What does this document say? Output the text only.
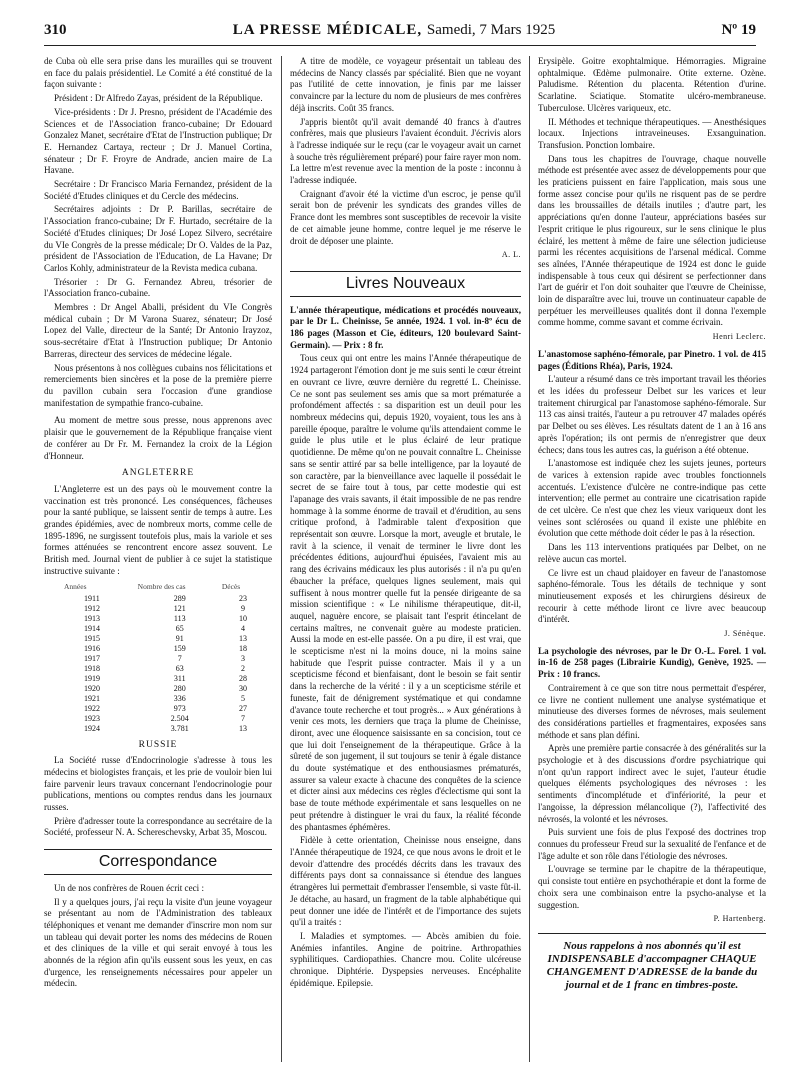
310	LA PRESSE MÉDICALE, Samedi, 7 Mars 1925	Nº 19

de Cuba où elle sera prise dans les murailles qui se trouvent en face du palais présidentiel. Le Comité a été constitué de la façon suivante :

Président : Dr Alfredo Zayas, président de la République.

Vice-présidents : Dr J. Presno, président de l'Académie des Sciences et de l'Association franco-cubaine; Dr Edouard Gonzalez Manet, secrétaire d'Etat de l'Instruction publique; Dr E. Hernandez Cartaya, recteur ; Dr J. Manuel Cortina, sénateur ; Dr F. Froyre de Andrade, ancien maire de La Havane.

Secrétaire : Dr Francisco Maria Fernandez, président de la Société d'Etudes cliniques et du Cercle des médecins.

Secrétaires adjoints : Dr P. Barillas, secrétaire de l'Association franco-cubaine; Dr F. Hurtado, secrétaire de la Société d'Etudes cliniques; Dr José Lopez Silvero, secrétaire du VIe Congrès de la presse médicale; Dr O. Valdes de la Paz, président de l'Association de l'Education, de La Havane; Dr Carlos Kohly, administrateur de la Revista medica cubana.

Trésorier : Dr G. Fernandez Abreu, trésorier de l'Association franco-cubaine.

Membres : Dr Angel Aballi, président du VIe Congrès médical cubain ; Dr M Varona Suarez, sénateur; Dr José Lopez del Valle, directeur de la Santé; Dr Antonio Irayzoz, sous-secrétaire d'Etat à l'Instruction publique; Dr Antonio Barreras, directeur des services de médecine légale.

Nous présentons à nos collègues cubains nos félicitations et remerciements bien sincères et la pose de la première pierre du pavillon cubain sera l'occasion d'une grandiose manifestation de sympathie franco-cubaine.

Au moment de mettre sous presse, nous apprenons avec plaisir que le gouvernement de la République française vient de conférer au Dr Fr. M. Fernandez la croix de la Légion d'Honneur.

ANGLETERRE

L'Angleterre est un des pays où le mouvement contre la vaccination est très prononcé. Les conséquences, fâcheuses pour la santé publique, se laissent sentir de temps à autre. Les grandes épidémies, avec de nombreux morts, comme celle de 1895-1896, ne surgissent toutefois plus, mais la variole et ses formes atténuées se rencontrent encore assez souvent. Le British med. Journal vient de publier à ce sujet la statistique instructive suivante :

Années	Nombre des cas	Décès
1911	289	23
1912	121	9
1913	113	10
1914	65	4
1915	91	13
1916	159	18
1917	7	3
1918	63	2
1919	311	28
1920	280	30
1921	336	5
1922	973	27
1923	2.504	7
1924	3.781	13
RUSSIE

La Société russe d'Endocrinologie s'adresse à tous les médecins et biologistes français, et les prie de vouloir bien lui faire parvenir leurs travaux concernant l'endocrinologie pour publications, mentions ou comptes rendus dans les journaux russes.

Prière d'adresser toute la correspondance au secrétaire de la Société, professeur N. A. Schereschevsky, Arbat 35, Moscou.

Correspondance

Un de nos confrères de Rouen écrit ceci :

Il y a quelques jours, j'ai reçu la visite d'un jeune voyageur se présentant au nom de l'Administration des tableaux téléphoniques et venant me demander d'inscrire mon nom sur un tableau qui devait porter les noms des médecins de Rouen et des cliniques de la ville et qui serait envoyé à tous les abonnés de la région afin qu'ils eussent sous les yeux, en cas d'urgence, les renseignements nécessaires pour appeler un médecin.

A titre de modèle, ce voyageur présentait un tableau des médecins de Nancy classés par spécialité. Bien que ne voyant pas l'utilité de cette innovation, je finis par me laisser convaincre par la lecture du nom de plusieurs de mes confrères déjà inscrits. Coût 35 francs.

J'appris bientôt qu'il avait demandé 40 francs à d'autres confrères, mais que plusieurs l'avaient éconduit. J'écrivis alors à l'adresse indiquée sur le reçu (car le voyageur avait un carnet à souche très régulièrement préparé) pour faire rayer mon nom. La lettre m'est revenue avec la mention de la poste : inconnu à l'adresse indiquée.

Craignant d'avoir été la victime d'un escroc, je pense qu'il serait bon de prévenir les syndicats des grandes villes de France dont les membres sont susceptibles de recevoir la visite de cet aimable jeune homme, contre lequel je me réserve le droit de déposer une plainte.

A. L.
Livres Nouveaux

L'année thérapeutique, médications et procédés nouveaux, par le Dr L. Cheinisse, 5e année, 1924. 1 vol. in-8º écu de 186 pages (Masson et Cie, éditeurs, 120 boulevard Saint-Germain). — Prix : 8 fr.

Tous ceux qui ont entre les mains l'Année thérapeutique de 1924 partageront l'émotion dont je me suis senti le cœur étreint en ouvrant ce livre, œuvre dernière du regretté L. Cheinisse. Ce ne sont pas seulement ses amis que sa mort prématurée a profondément affectés : sa disparition est un deuil pour les nombreux médecins qui, depuis 1920, voyaient, tous les ans à pareille époque, paraître le volume qu'ils attendaient comme le guide le plus utile et le plus éclairé de leur pratique quotidienne. De même qu'on ne pouvait connaître L. Cheinisse sans se sentir attiré par sa belle intelligence, par la loyauté de son caractère, par la bienveillance avec laquelle il possédait le secret de se faire tout à tous, par cette modestie qui est l'apanage des vrais savants, il était impossible de ne pas rendre hommage à la somme énorme de travail et d'érudition, au sens critique profond, à l'admirable talent d'exposition que représentait son œuvre. Lorsque la mort, aveugle et brutale, le ravit à la science, il venait de terminer le livre dont les précédentes éditions, aujourd'hui épuisées, l'avaient mis au rang des écrivains médicaux les plus autorisés : il n'a pu qu'en ébaucher la préface, quelques lignes seulement, mais qui suffisent à nous montrer quelle fut la pensée dirigeante de sa mission scientifique : « Le nihilisme thérapeutique, dit-il, auquel, naguère encore, se plaisait tant l'esprit étincelant de certains maîtres, ne convenait guère au modeste praticien. Aussi la mode en est-elle passée. On a pu dire, il est vrai, que le scepticisme n'est ni la moins douce, ni la moins saine habitude que l'esprit puisse contracter. Mais il y a un scepticisme fécond et bienfaisant, dont le besoin se fait sentir dans la recherche de la vérité : il y a un scepticisme stérile et funeste, fait de dénigrement systématique et qui condamne d'avance toute recherche et tout progrès... » Aux générations à venir ces mots, les derniers que traça la plume de Cheinisse, diront, avec une éloquence saisissante en sa concision, tout ce que lui doit l'enseignement de la thérapeutique. Grâce à la sûreté de son jugement, il sut toujours se tenir à égale distance du doute systématique et des enthousiasmes prématurés, assurer sa valeur exacte à chacune des conquêtes de la science et dicter ainsi aux médecins ces règles d'éclectisme qui sont la base de toute méthode expérimentale et sans lesquelles on ne peut prétendre à distinguer le vrai du faux, la réalité féconde des phantasmes éphémères.

Fidèle à cette orientation, Cheinisse nous enseigne, dans l'Année thérapeutique de 1924, ce que nous avons le droit et le devoir d'attendre des procédés décrits dans les travaux des différents pays dont sa connaissance si étendue des langues étrangères lui permettait d'embrasser l'ensemble, si vaste fût-il. Je détache, au hasard, un fragment de la table alphabétique qui peut donner une idée de l'intérêt et de l'importance des sujets qu'il a traités :

I. Maladies et symptomes. — Abcès amibien du foie. Anémies infantiles. Angine de poitrine. Arthropathies syphilitiques. Cardiopathies. Chancre mou. Colite ulcéreuse chronique. Diphtérie. Dyspepsies nerveuses. Encéphalite épidémique. Epilepsie.

Erysipèle. Goitre exophtalmique. Hémorragies. Migraine ophtalmique. Œdème pulmonaire. Otite externe. Ozène. Paludisme. Rétention du placenta. Rétention d'urine. Scarlatine. Sciatique. Stomatite ulcéro-membraneuse. Tuberculose. Ulcères variqueux, etc.

II. Méthodes et technique thérapeutiques. — Anesthésiques locaux. Injections intraveineuses. Exsanguination. Transfusion. Ponction lombaire.

Dans tous les chapitres de l'ouvrage, chaque nouvelle méthode est présentée avec assez de développements pour que les praticiens puissent en faire l'application, mais sous une forme assez concise pour qu'ils ne risquent pas de se perdre dans les broussailles de détails inutiles ; d'autre part, les appréciations qu'en donne l'auteur, appréciations basées sur l'esprit critique le plus rigoureux, sur le sens clinique le plus éclairé, les mettent à même de faire une sélection judicieuse parmi les récentes acquisitions de l'arsenal médical. Comme ses aînées, l'Année thérapeutique de 1924 est donc le guide indispensable à tous ceux qui désirent se perfectionner dans l'art de guérir et l'on doit souhaiter que l'œuvre de Cheinisse, loin de disparaître avec lui, trouve un continuateur capable de perpétuer les merveilleuses qualités dont il donna l'exemple comme homme, comme savant et comme écrivain.

Henri Leclerc.

L'anastomose saphéno-fémorale, par Pinetro. 1 vol. de 415 pages (Éditions Rhéa), Paris, 1924.

L'auteur a résumé dans ce très important travail les théories et les idées du professeur Delbet sur les varices et leur traitement chirurgical par l'anastomose saphéno-fémorale. Sur 113 cas ainsi traités, l'auteur a pu retrouver 47 malades opérés par Delbet ou ses élèves. Les résultats datent de 1 an à 16 ans après l'opération; ils ont permis de n'enregistrer que deux échecs; dans tous les autres cas, la guérison a été obtenue.

L'anastomose est indiquée chez les sujets jeunes, porteurs de varices à extension rapide avec troubles fonctionnels accentués. L'existence d'ulcère ne contre-indique pas cette intervention; elle permet au contraire une cicatrisation rapide de cet ulcère. Ce n'est que chez les vieux variqueux dont les veines sont sclérosées ou quand il existe une phlébite en évolution que cette méthode doit céder le pas à la résection.

Dans les 113 interventions pratiquées par Delbet, on ne relève aucun cas mortel.

Ce livre est un chaud plaidoyer en faveur de l'anastomose saphéno-fémorale. Tous les détails de technique y sont minutieusement exposés et les chirurgiens désireux de recourir à cette méthode liront ce livre avec beaucoup d'intérêt.

J. Sénèque.

La psychologie des névroses, par le Dr O.-L. Forel. 1 vol. in-16 de 258 pages (Librairie Kundig), Genève, 1925. — Prix : 10 francs.

Contrairement à ce que son titre nous permettait d'espérer, ce livre ne contient nullement une analyse systématique et minutieuse des diverses formes de névroses, mais seulement des considérations partielles et fragmentaires, exposées sans méthode et sans plan défini.

Après une première partie consacrée à des généralités sur la psychologie et à des discussions d'ordre psychiatrique qui n'ont qu'un rapport indirect avec le sujet, l'auteur étudie quelques éléments psychologiques des névroses : les sentiments d'incomplétude et d'infériorité, la peur et l'angoisse, la dépression mélancolique (?), l'affectivité des névrosés, la volonté et les névroses.

Puis survient une fois de plus l'exposé des doctrines trop connues du professeur Freud sur la sexualité de l'enfance et de l'âge adulte et son rôle dans l'étiologie des névroses.

L'ouvrage se termine par le chapitre de la thérapeutique, qui consiste tout entière en psychothérapie et dont la forme de choix sera une combinaison entre la psycho-analyse et la suggestion.

P. Hartenberg.
Nous rappelons à nos abonnés qu'il est INDISPENSABLE d'accompagner CHAQUE CHANGEMENT D'ADRESSE de la bande du journal et de 1 franc en timbres-poste.
